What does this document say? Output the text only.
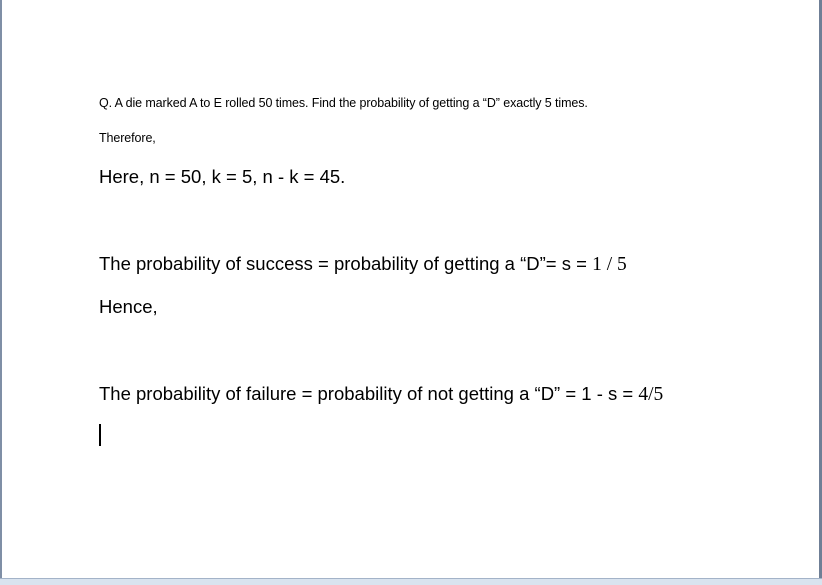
Q. A die marked A to E rolled 50 times. Find the probability of getting a “D” exactly 5 times.
Therefore,
Here, n = 50, k = 5, n - k = 45.
The probability of success = probability of getting a “D”= s = 1 / 5
Hence,
The probability of failure = probability of not getting a “D” = 1 - s = 4/5
